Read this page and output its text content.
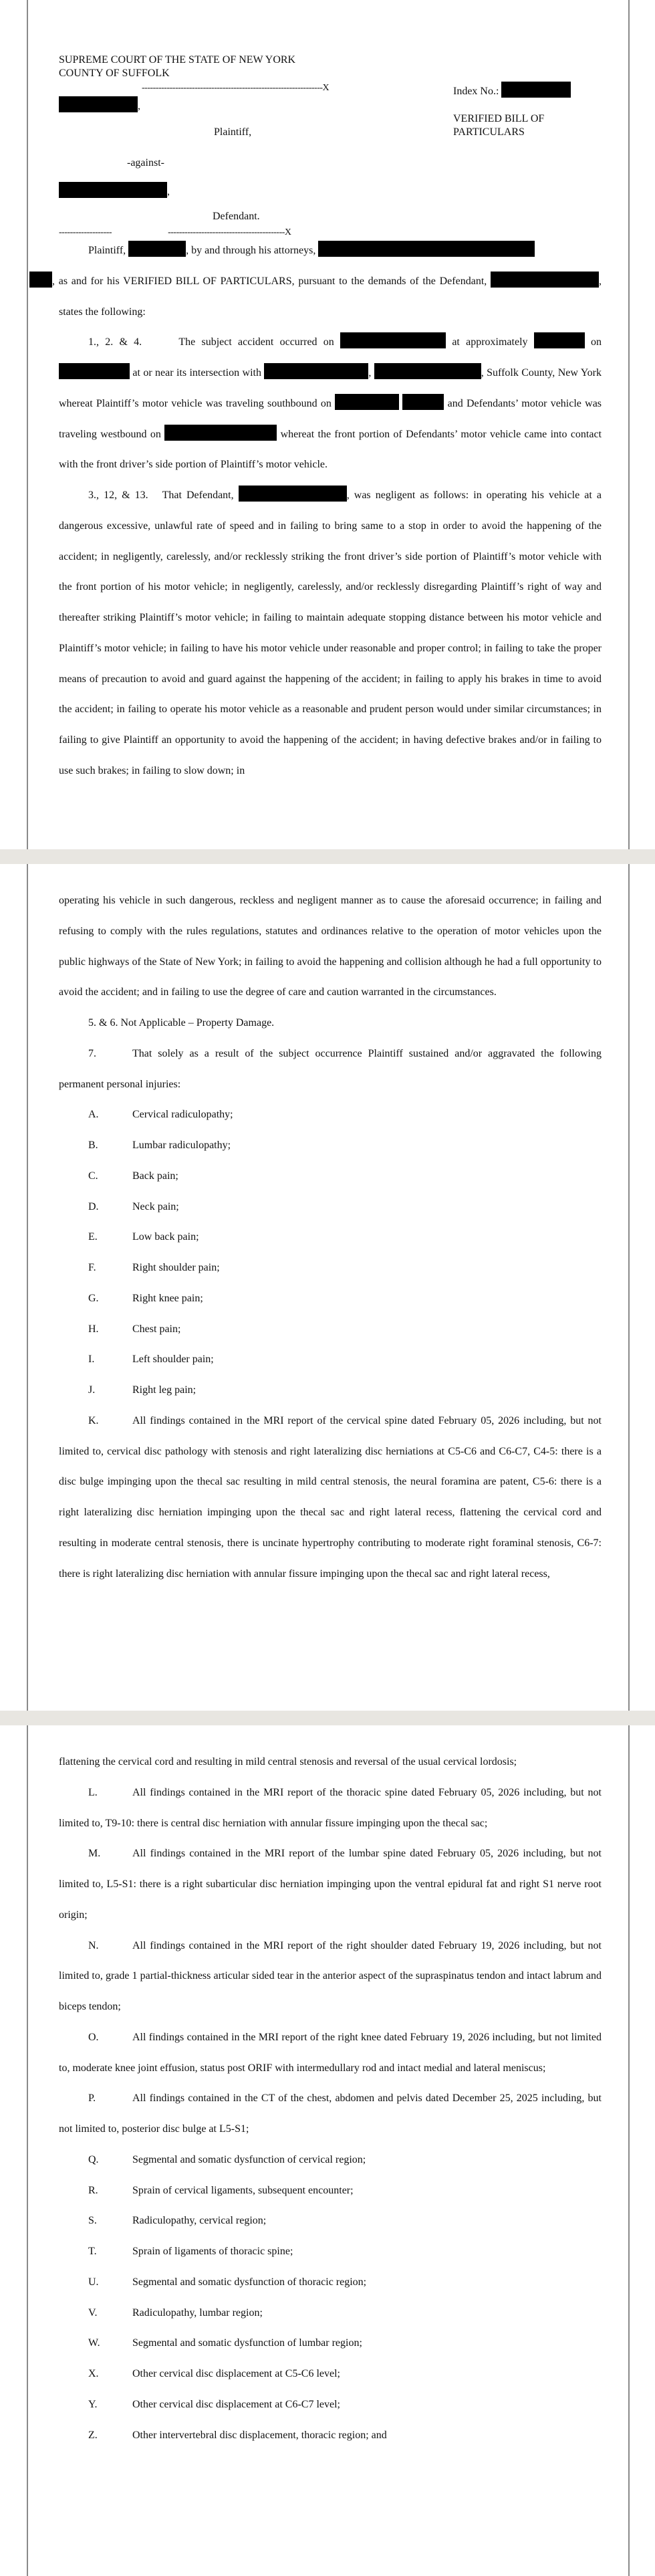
SUPREME COURT OF THE STATE OF NEW YORK
COUNTY OF SUFFOLK
-----------------------------------------------------------------X
,
Plaintiff,
-against-
,
Defendant.
-------------------                            ------------------------------------------X
Index No.:
VERIFIED BILL OF
PARTICULARS

Plaintiff,	, by and through his attorneys,
, as and for his VERIFIED BILL OF PARTICULARS, pursuant to the demands of the Defendant,	, states the following:

1., 2. & 4.      The subject accident occurred on	at approximately	on  at or near its intersection with	,	, Suffolk County, New York whereat Plaintiff’s motor vehicle was traveling southbound on	and Defendants’ motor vehicle was traveling westbound on	whereat the front portion of Defendants’ motor vehicle came into contact with the front driver’s side portion of Plaintiff’s motor vehicle.

3., 12, & 13.   That Defendant,	, was negligent as follows: in operating his vehicle at a dangerous excessive, unlawful rate of speed and in failing to bring same to a stop in order to avoid the happening of the accident; in negligently, carelessly, and/or recklessly striking the front driver’s side portion of Plaintiff’s motor vehicle with the front portion of his motor vehicle; in negligently, carelessly, and/or recklessly disregarding Plaintiff’s right of way and thereafter striking Plaintiff’s motor vehicle; in failing to maintain adequate stopping distance between his motor vehicle and Plaintiff’s motor vehicle; in failing to have his motor vehicle under reasonable and proper control; in failing to take the proper means of precaution to avoid and guard against the happening of the accident; in failing to apply his brakes in time to avoid the accident; in failing to operate his motor vehicle as a reasonable and prudent person would under similar circumstances; in failing to give Plaintiff an opportunity to avoid the happening of the accident; in having defective brakes and/or in failing to use such brakes; in failing to slow down; in

operating his vehicle in such dangerous, reckless and negligent manner as to cause the aforesaid occurrence; in failing and refusing to comply with the rules regulations, statutes and ordinances relative to the operation of motor vehicles upon the public highways of the State of New York; in failing to avoid the happening and collision although he had a full opportunity to avoid the accident; and in failing to use the degree of care and caution warranted in the circumstances.

5. & 6. Not Applicable – Property Damage.

7.	That solely as a result of the subject occurrence Plaintiff sustained and/or aggravated the following permanent personal injuries:

A.	Cervical radiculopathy;
B.	Lumbar radiculopathy;
C.	Back pain;
D.	Neck pain;
E.	Low back pain;
F.	Right shoulder pain;
G.	Right knee pain;
H.	Chest pain;
I.	Left shoulder pain;
J.	Right leg pain;

K.	All findings contained in the MRI report of the cervical spine dated February 05, 2026 including, but not limited to, cervical disc pathology with stenosis and right lateralizing disc herniations at C5-C6 and C6-C7, C4-5: there is a disc bulge impinging upon the thecal sac resulting in mild central stenosis, the neural foramina are patent, C5-6: there is a right lateralizing disc herniation impinging upon the thecal sac and right lateral recess, flattening the cervical cord and resulting in moderate central stenosis, there is uncinate hypertrophy contributing to moderate right foraminal stenosis, C6-7: there is right lateralizing disc herniation with annular fissure impinging upon the thecal sac and right lateral recess,

flattening the cervical cord and resulting in mild central stenosis and reversal of the usual cervical lordosis;

L.	All findings contained in the MRI report of the thoracic spine dated February 05, 2026 including, but not limited to, T9-10: there is central disc herniation with annular fissure impinging upon the thecal sac;

M.	All findings contained in the MRI report of the lumbar spine dated February 05, 2026 including, but not limited to, L5-S1: there is a right subarticular disc herniation impinging upon the ventral epidural fat and right S1 nerve root origin;

N.	All findings contained in the MRI report of the right shoulder dated February 19, 2026 including, but not limited to, grade 1 partial-thickness articular sided tear in the anterior aspect of the supraspinatus tendon and intact labrum and biceps tendon;

O.	All findings contained in the MRI report of the right knee dated February 19, 2026 including, but not limited to, moderate knee joint effusion, status post ORIF with intermedullary rod and intact medial and lateral meniscus;

P.	All findings contained in the CT of the chest, abdomen and pelvis dated December 25, 2025 including, but not limited to, posterior disc bulge at L5-S1;

Q.	Segmental and somatic dysfunction of cervical region;
R.	Sprain of cervical ligaments, subsequent encounter;
S.	Radiculopathy, cervical region;
T.	Sprain of ligaments of thoracic spine;
U.	Segmental and somatic dysfunction of thoracic region;
V.	Radiculopathy, lumbar region;
W.	Segmental and somatic dysfunction of lumbar region;
X.	Other cervical disc displacement at C5-C6 level;
Y.	Other cervical disc displacement at C6-C7 level;
Z.	Other intervertebral disc displacement, thoracic region; and
